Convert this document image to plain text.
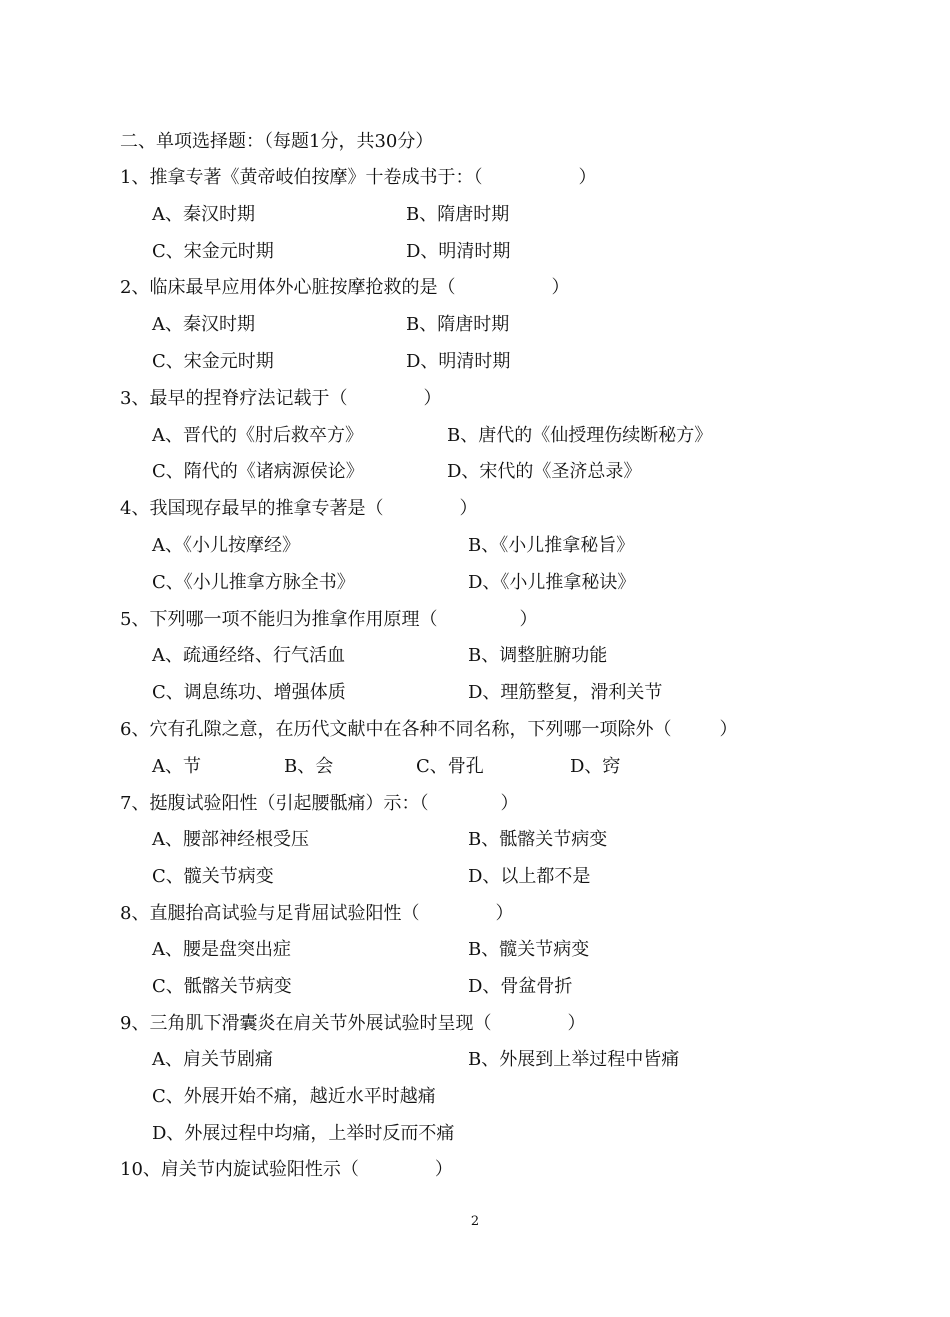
二、单项选择题：（每题1分，共30分）
1、推拿专著《黄帝岐伯按摩》十卷成书于：（	）
A、秦汉时期	B、隋唐时期
C、宋金元时期	D、明清时期
2、临床最早应用体外心脏按摩抢救的是（	）
A、秦汉时期	B、隋唐时期
C、宋金元时期	D、明清时期
3、最早的捏脊疗法记载于（	）
A、晋代的《肘后救卒方》	B、唐代的《仙授理伤续断秘方》
C、隋代的《诸病源侯论》	D、宋代的《圣济总录》
4、我国现存最早的推拿专著是（	）
A、《小儿按摩经》	B、《小儿推拿秘旨》
C、《小儿推拿方脉全书》	D、《小儿推拿秘诀》
5、下列哪一项不能归为推拿作用原理（	）
A、疏通经络、行气活血	B、调整脏腑功能
C、调息练功、增强体质	D、理筋整复，滑利关节
6、穴有孔隙之意，在历代文献中在各种不同名称，下列哪一项除外（	）
A、节	B、会	C、骨孔	D、窍
7、挺腹试验阳性（引起腰骶痛）示：（	）
A、腰部神经根受压	B、骶髂关节病变
C、髋关节病变	D、以上都不是
8、直腿抬高试验与足背屈试验阳性（	）
A、腰是盘突出症	B、髋关节病变
C、骶髂关节病变	D、骨盆骨折
9、三角肌下滑囊炎在肩关节外展试验时呈现（	）
A、肩关节剧痛	B、外展到上举过程中皆痛
C、外展开始不痛，越近水平时越痛
D、外展过程中均痛，上举时反而不痛
10、肩关节内旋试验阳性示（	）
2
